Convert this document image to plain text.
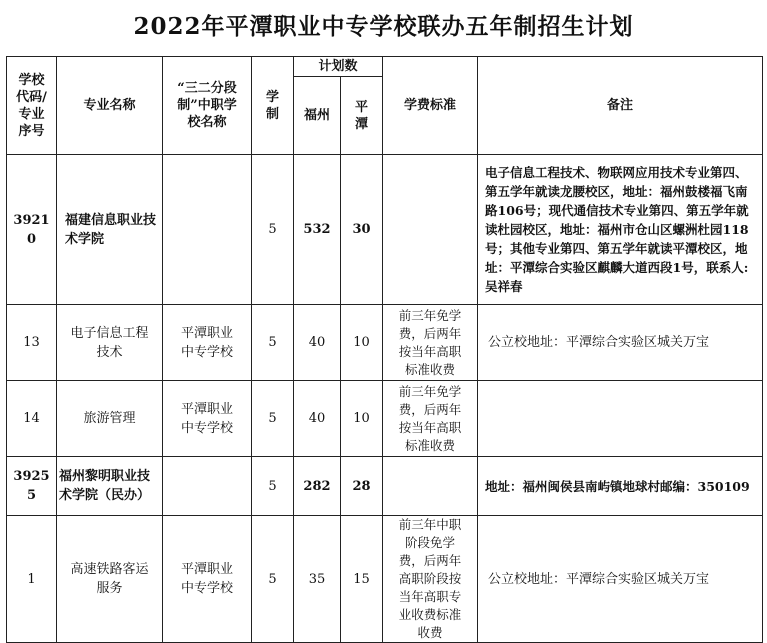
2022年平潭职业中专学校联办五年制招生计划
学校代码/专业序号	专业名称	“三二分段制”中职学校名称	学制	计划数		学费标准	备注
				福州	平潭		
39210	福建信息职业技术学院		5	532	30		电子信息工程技术、物联网应用技术专业第四、第五学年就读龙腰校区，地址：福州鼓楼福飞南路106号；现代通信技术专业第四、第五学年就读杜园校区，地址：福州市仓山区螺洲杜园118号；其他专业第四、第五学年就读平潭校区，地址：平潭综合实验区麒麟大道西段1号，联系人:吴祥春
13	电子信息工程技术	平潭职业中专学校	5	40	10	前三年免学费，后两年按当年高职标准收费	公立校地址：平潭综合实验区城关万宝
14	旅游管理	平潭职业中专学校	5	40	10	前三年免学费，后两年按当年高职标准收费	
39255	福州黎明职业技术学院（民办）		5	282	28		地址：福州闽侯县南屿镇地球村邮编：350109
1	高速铁路客运服务	平潭职业中专学校	5	35	15	前三年中职阶段免学费，后两年高职阶段按当年高职专业收费标准收费	公立校地址：平潭综合实验区城关万宝
